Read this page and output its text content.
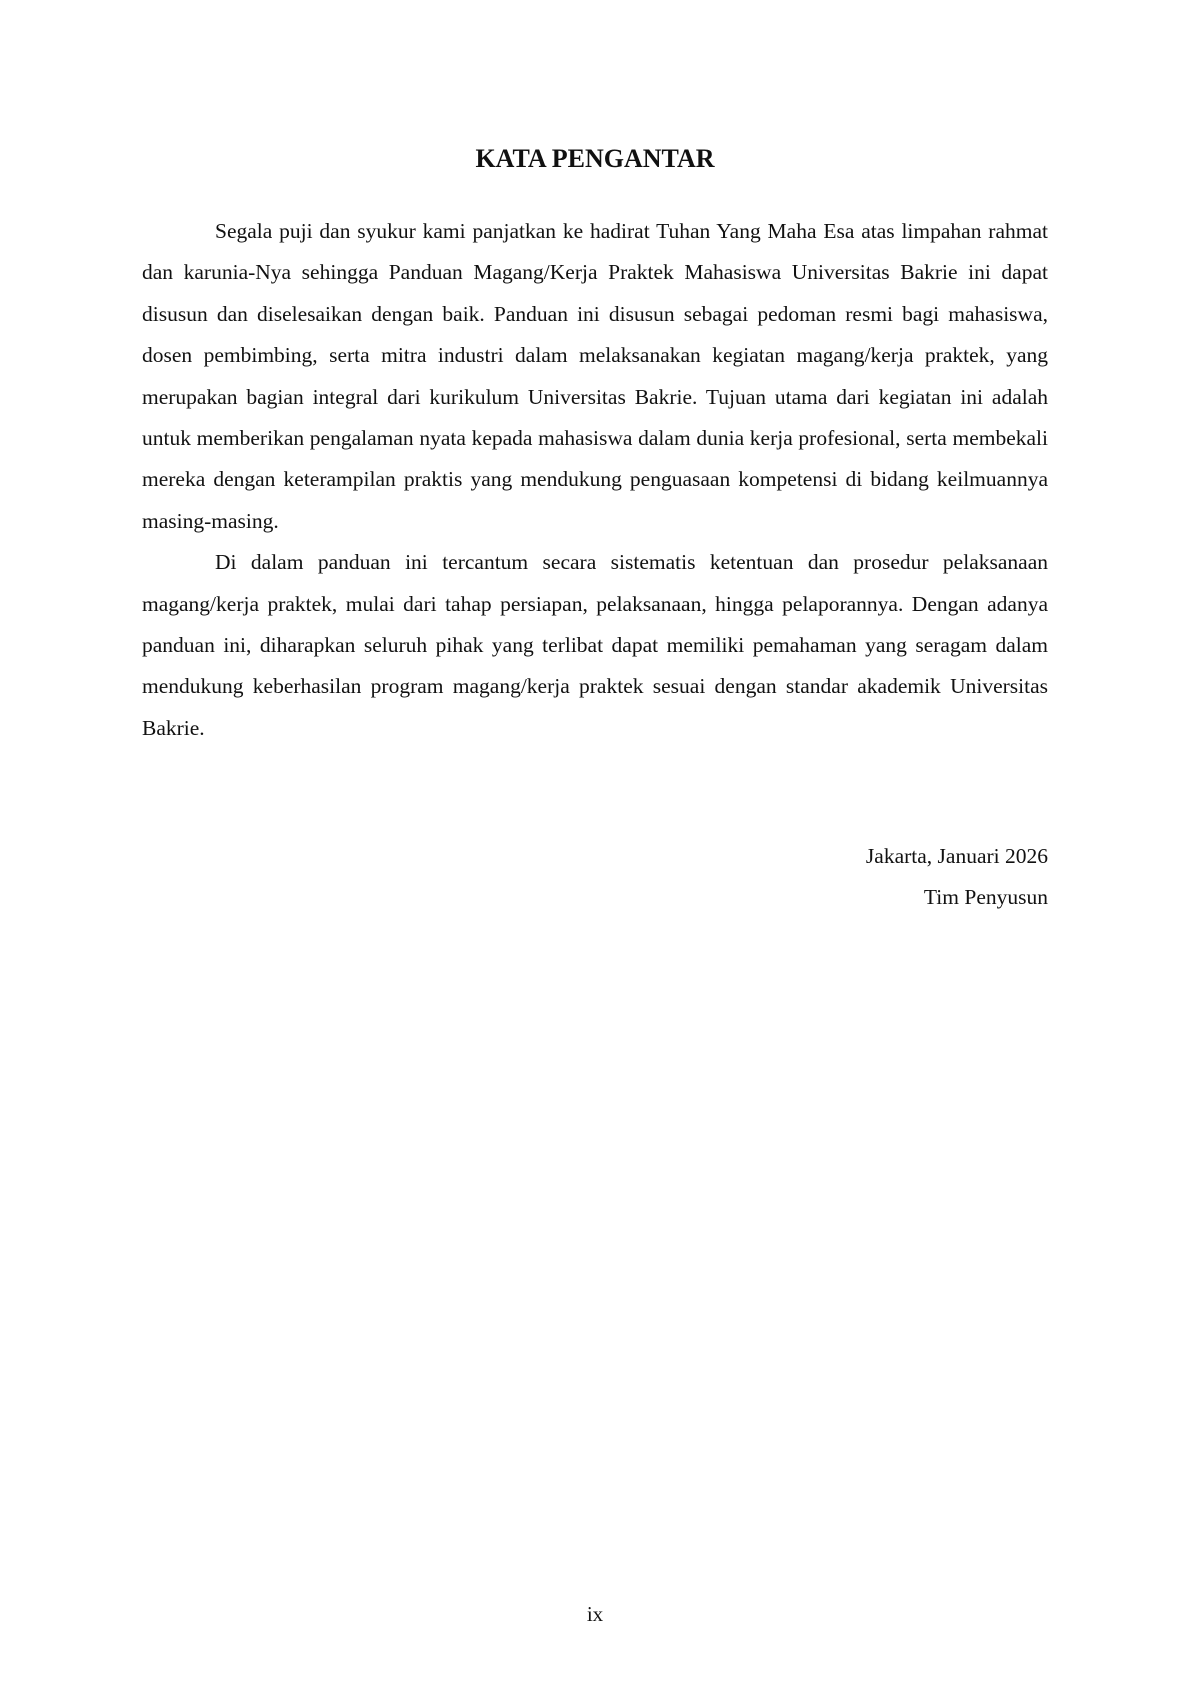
KATA PENGANTAR

Segala puji dan syukur kami panjatkan ke hadirat Tuhan Yang Maha Esa atas limpahan rahmat dan karunia-Nya sehingga Panduan Magang/Kerja Praktek Mahasiswa Universitas Bakrie ini dapat disusun dan diselesaikan dengan baik. Panduan ini disusun sebagai pedoman resmi bagi mahasiswa, dosen pembimbing, serta mitra industri dalam melaksanakan kegiatan magang/kerja praktek, yang merupakan bagian integral dari kurikulum Universitas Bakrie. Tujuan utama dari kegiatan ini adalah untuk memberikan pengalaman nyata kepada mahasiswa dalam dunia kerja profesional, serta membekali mereka dengan keterampilan praktis yang mendukung penguasaan kompetensi di bidang keilmuannya masing-masing.

Di dalam panduan ini tercantum secara sistematis ketentuan dan prosedur pelaksanaan magang/kerja praktek, mulai dari tahap persiapan, pelaksanaan, hingga pelaporannya. Dengan adanya panduan ini, diharapkan seluruh pihak yang terlibat dapat memiliki pemahaman yang seragam dalam mendukung keberhasilan program magang/kerja praktek sesuai dengan standar akademik Universitas Bakrie.

Jakarta, Januari 2026
Tim Penyusun
ix
